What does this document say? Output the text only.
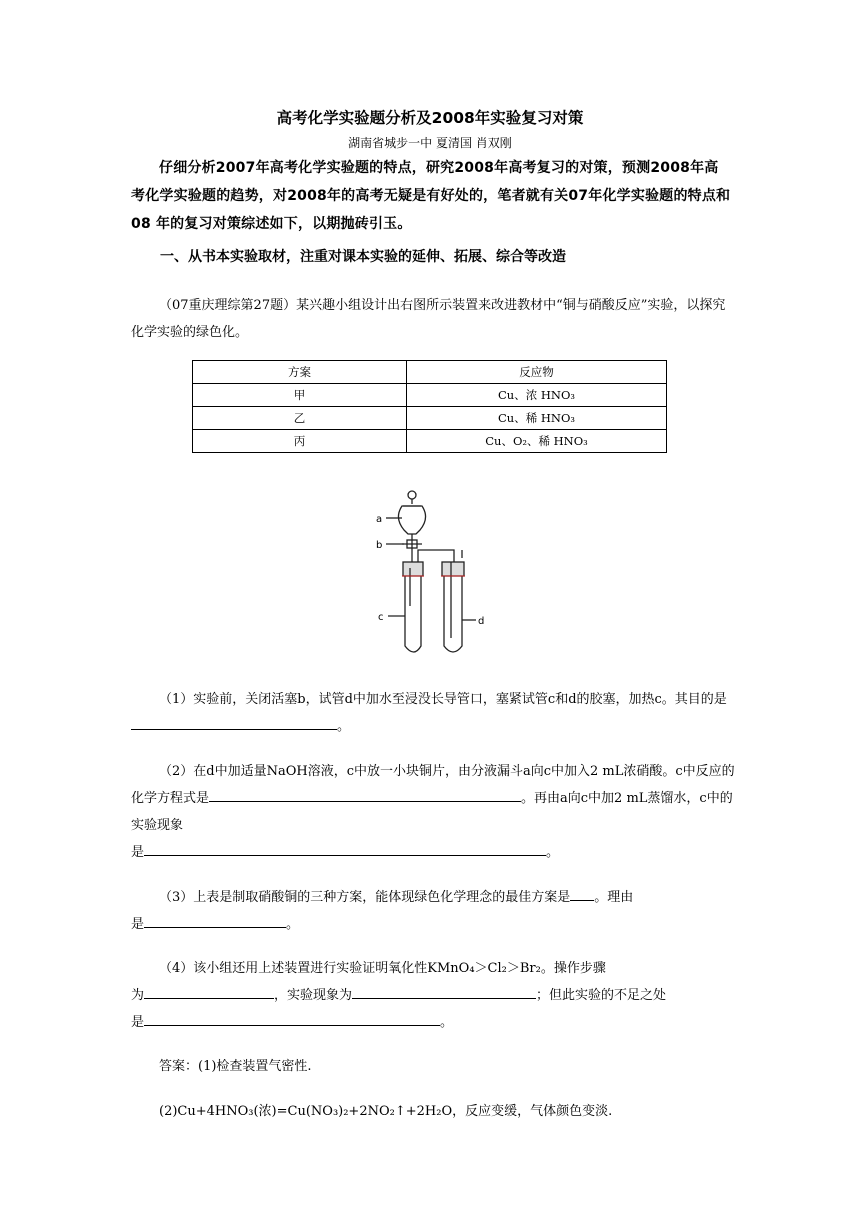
高考化学实验题分析及2008年实验复习对策
湖南省城步一中 夏清国 肖双刚
仔细分析2007年高考化学实验题的特点，研究2008年高考复习的对策，预测2008年高考化学实验题的趋势，对2008年的高考无疑是有好处的，笔者就有关07年化学实验题的特点和08 年的复习对策综述如下，以期抛砖引玉。
一、从书本实验取材，注重对课本实验的延伸、拓展、综合等改造
（07重庆理综第27题）某兴趣小组设计出右图所示装置来改进教材中“铜与硝酸反应”实验，以探究化学实验的绿色化。
方案	反应物
甲	Cu、浓 HNO₃
乙	Cu、稀 HNO₃
丙	Cu、O₂、稀 HNO₃
a
b
c	d
（1）实验前，关闭活塞b，试管d中加水至浸没长导管口，塞紧试管c和d的胶塞，加热c。其目的是。
（2）在d中加适量NaOH溶液，c中放一小块铜片，由分液漏斗a向c中加入2 mL浓硝酸。c中反应的化学方程式是	。再由a向c中加2 mL蒸馏水，c中的实验现象
是	。
（3）上表是制取硝酸铜的三种方案，能体现绿色化学理念的最佳方案是 。理由
是	。
（4）该小组还用上述装置进行实验证明氧化性KMnO₄＞Cl₂＞Br₂。操作步骤
为	，实验现象为	；但此实验的不足之处
是	。
答案：(1)检查装置气密性.
(2)Cu+4HNO₃(浓)=Cu(NO₃)₂+2NO₂↑+2H₂O，反应变缓，气体颜色变淡.
